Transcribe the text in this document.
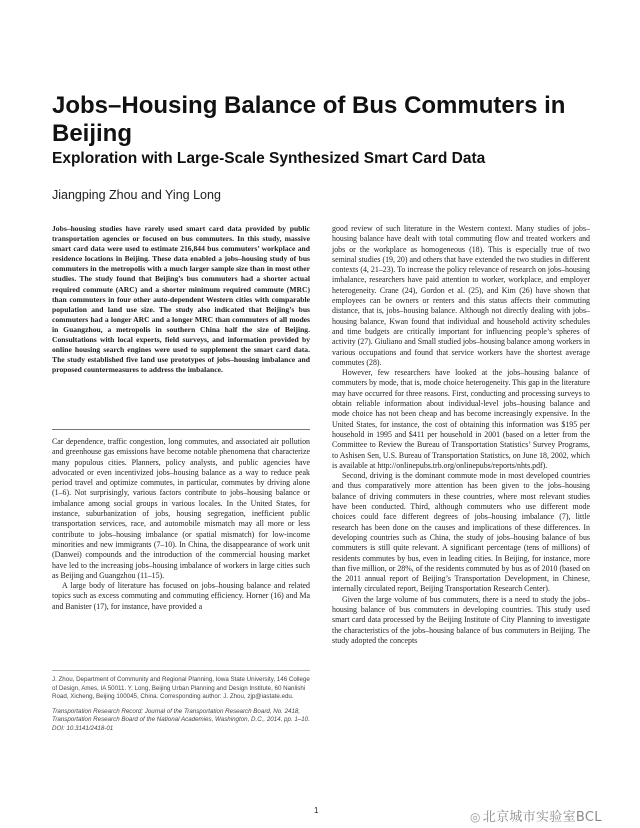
Jobs–Housing Balance of Bus Commuters in Beijing
Exploration with Large-Scale Synthesized Smart Card Data
Jiangping Zhou and Ying Long

Jobs–housing studies have rarely used smart card data provided by public transportation agencies or focused on bus commuters. In this study, massive smart card data were used to estimate 216,844 bus commuters’ workplace and residence locations in Beijing. These data enabled a jobs–housing study of bus commuters in the metropolis with a much larger sample size than in most other studies. The study found that Beijing’s bus commuters had a shorter actual required commute (ARC) and a shorter minimum required commute (MRC) than commuters in four other auto-dependent Western cities with comparable population and land use size. The study also indicated that Beijing’s bus commuters had a longer ARC and a longer MRC than commuters of all modes in Guangzhou, a metropolis in southern China half the size of Beijing. Consultations with local experts, field surveys, and information provided by online housing search engines were used to supplement the smart card data. The study established five land use prototypes of jobs–housing imbalance and proposed countermeasures to address the imbalance.

Car dependence, traffic congestion, long commutes, and associated air pollution and greenhouse gas emissions have become notable phenomena that characterize many populous cities. Planners, policy analysts, and public agencies have advocated or even incentivized jobs–housing balance as a way to reduce peak period travel and optimize commutes, in particular, commutes by driving alone (1–6). Not surprisingly, various factors contribute to jobs–housing balance or imbalance among social groups in various locales. In the United States, for instance, suburbanization of jobs, housing segregation, inefficient public transportation services, race, and automobile mismatch may all more or less contribute to jobs–housing imbalance (or spatial mismatch) for low-income minorities and new immigrants (7–10). In China, the disappearance of work unit (Danwei) compounds and the introduction of the commercial housing market have led to the increasing jobs–housing imbalance of workers in large cities such as Beijing and Guangzhou (11–15).

A large body of literature has focused on jobs–housing balance and related topics such as excess commuting and commuting efficiency. Horner (16) and Ma and Banister (17), for instance, have provided a

J. Zhou, Department of Community and Regional Planning, Iowa State University, 146 College of Design, Ames, IA 50011. Y. Long, Beijing Urban Planning and Design Institute, 60 Nanlishi Road, Xicheng, Beijing 100045, China. Corresponding author: J. Zhou, zjp@iastate.edu.

Transportation Research Record: Journal of the Transportation Research Board, No. 2418, Transportation Research Board of the National Academies, Washington, D.C., 2014, pp. 1–10. DOI: 10.3141/2418-01

good review of such literature in the Western context. Many studies of jobs–housing balance have dealt with total commuting flow and treated workers and jobs or the workplace as homogeneous (18). This is especially true of two seminal studies (19, 20) and others that have extended the two studies in different contexts (4, 21–23). To increase the policy relevance of research on jobs–housing imbalance, researchers have paid attention to worker, workplace, and employer heterogeneity. Crane (24), Gordon et al. (25), and Kim (26) have shown that employees can be owners or renters and this status affects their commuting distance, that is, jobs–housing balance. Although not directly dealing with jobs–housing balance, Kwan found that individual and household activity schedules and time budgets are critically important for influencing people’s spheres of activity (27). Giuliano and Small studied jobs–housing balance among workers in various occupations and found that service workers have the shortest average commutes (28).

However, few researchers have looked at the jobs–housing balance of commuters by mode, that is, mode choice heterogeneity. This gap in the literature may have occurred for three reasons. First, conducting and processing surveys to obtain reliable information about individual-level jobs–housing balance and mode choice has not been cheap and has become increasingly expensive. In the United States, for instance, the cost of obtaining this information was $195 per household in 1995 and $411 per household in 2001 (based on a letter from the Committee to Review the Bureau of Transportation Statistics’ Survey Programs, to Ashisen Sen, U.S. Bureau of Transportation Statistics, on June 18, 2002, which is available at http://onlinepubs.trb.org/onlinepubs/reports/nhts.pdf).

Second, driving is the dominant commute mode in most developed countries and thus comparatively more attention has been given to the jobs–housing balance of driving commuters in these countries, where most relevant studies have been conducted. Third, although commuters who use different mode choices could face different degrees of jobs–housing imbalance (7), little research has been done on the causes and implications of these differences. In developing countries such as China, the study of jobs–housing balance of bus commuters is still quite relevant. A significant percentage (tens of millions) of residents commutes by bus, even in leading cities. In Beijing, for instance, more than five million, or 28%, of the residents commuted by bus as of 2010 (based on the 2011 annual report of Beijing’s Transportation Development, in Chinese, internally circulated report, Beijing Transportation Research Center).

Given the large volume of bus commuters, there is a need to study the jobs–housing balance of bus commuters in developing countries. This study used smart card data processed by the Beijing Institute of City Planning to investigate the characteristics of the jobs–housing balance of bus commuters in Beijing. The study adopted the concepts

1	◎ 北京城市实验室BCL
